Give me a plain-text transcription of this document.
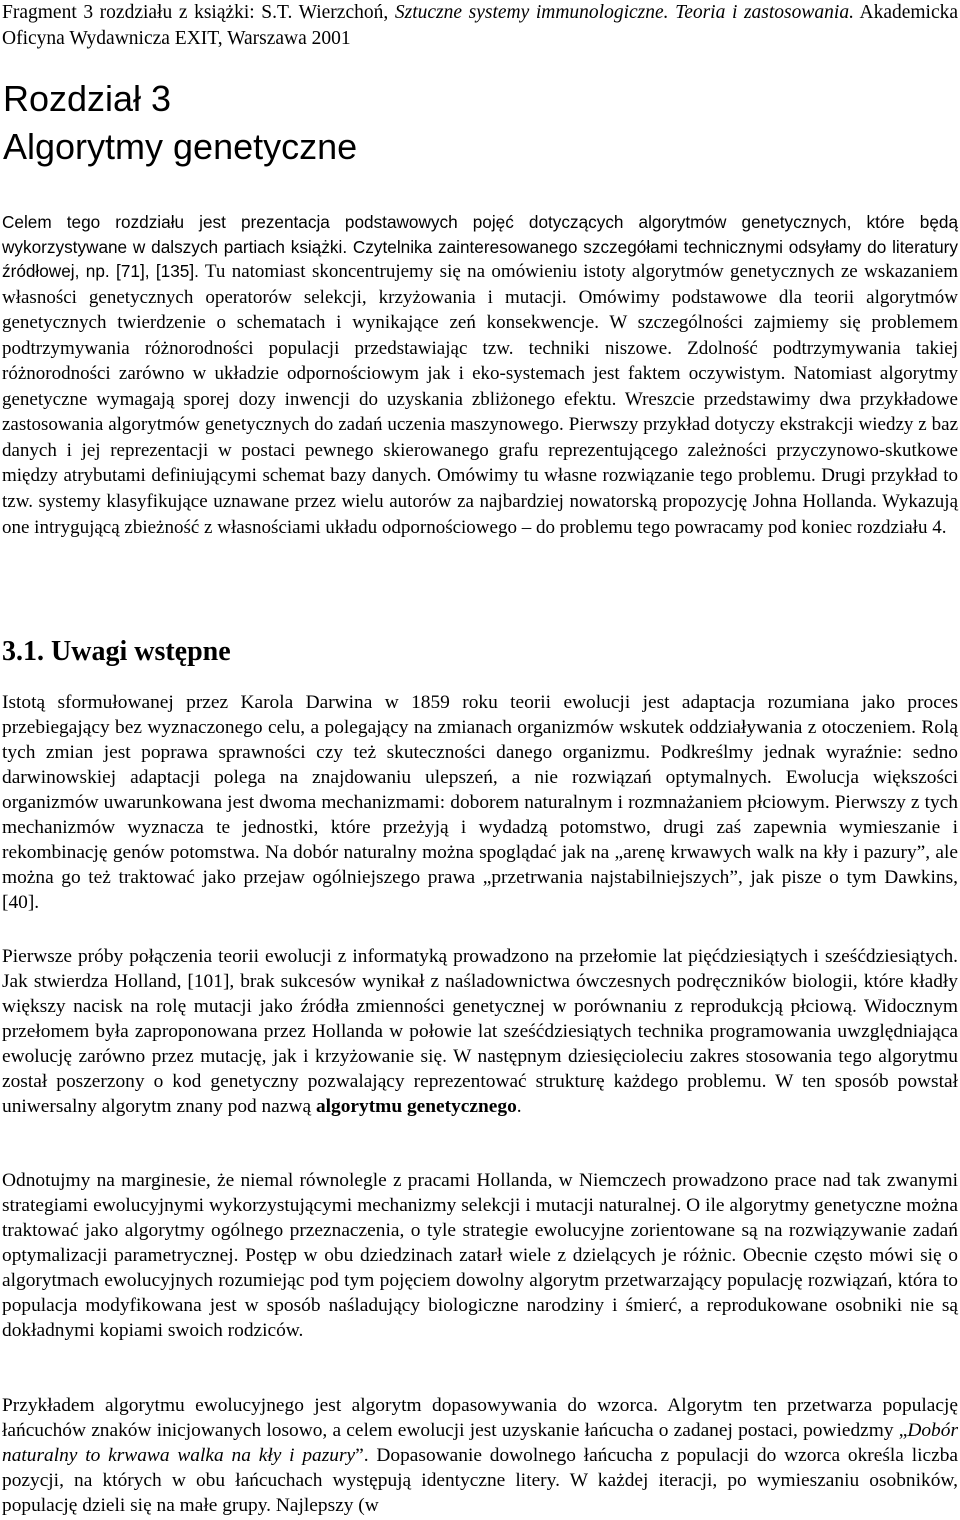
Fragment 3 rozdziału z książki: S.T. Wierzchoń, Sztuczne systemy immunologiczne. Teoria i zastosowania. Akademicka Oficyna Wydawnicza EXIT, Warszawa 2001

Rozdział 3
Algorytmy genetyczne

Celem tego rozdziału jest prezentacja podstawowych pojęć dotyczących algorytmów genetycznych, które będą wykorzystywane w dalszych partiach książki. Czytelnika zainteresowanego szczegółami technicznymi odsyłamy do literatury źródłowej, np. [71], [135]. Tu natomiast skoncentrujemy się na omówieniu istoty algorytmów genetycznych ze wskazaniem własności genetycznych operatorów selekcji, krzyżowania i mutacji. Omówimy podstawowe dla teorii algorytmów genetycznych twierdzenie o schematach i wynikające zeń konsekwencje. W szczególności zajmiemy się problemem podtrzymywania różnorodności populacji przedstawiając tzw. techniki niszowe. Zdolność podtrzymywania takiej różnorodności zarówno w układzie odpornościowym jak i eko-systemach jest faktem oczywistym. Natomiast algorytmy genetyczne wymagają sporej dozy inwencji do uzyskania zbliżonego efektu. Wreszcie przedstawimy dwa przykładowe zastosowania algorytmów genetycznych do zadań uczenia maszynowego. Pierwszy przykład dotyczy ekstrakcji wiedzy z baz danych i jej reprezentacji w postaci pewnego skierowanego grafu reprezentującego zależności przyczynowo-skutkowe między atrybutami definiującymi schemat bazy danych. Omówimy tu własne rozwiązanie tego problemu. Drugi przykład to tzw. systemy klasyfikujące uznawane przez wielu autorów za najbardziej nowatorską propozycję Johna Hollanda. Wykazują one intrygującą zbieżność z własnościami układu odpornościowego – do problemu tego powracamy pod koniec rozdziału 4.

3.1. Uwagi wstępne

Istotą sformułowanej przez Karola Darwina w 1859 roku teorii ewolucji jest adaptacja rozumiana jako proces przebiegający bez wyznaczonego celu, a polegający na zmianach organizmów wskutek oddziaływania z otoczeniem. Rolą tych zmian jest poprawa sprawności czy też skuteczności danego organizmu. Podkreślmy jednak wyraźnie: sedno darwinowskiej adaptacji polega na znajdowaniu ulepszeń, a nie rozwiązań optymalnych. Ewolucja większości organizmów uwarunkowana jest dwoma mechanizmami: doborem naturalnym i rozmnażaniem płciowym. Pierwszy z tych mechanizmów wyznacza te jednostki, które przeżyją i wydadzą potomstwo, drugi zaś zapewnia wymieszanie i rekombinację genów potomstwa. Na dobór naturalny można spoglądać jak na „arenę krwawych walk na kły i pazury”, ale można go też traktować jako przejaw ogólniejszego prawa „przetrwania najstabilniejszych”, jak pisze o tym Dawkins, [40].

Pierwsze próby połączenia teorii ewolucji z informatyką prowadzono na przełomie lat pięćdziesiątych i sześćdziesiątych. Jak stwierdza Holland, [101], brak sukcesów wynikał z naśladownictwa ówczesnych podręczników biologii, które kładły większy nacisk na rolę mutacji jako źródła zmienności genetycznej w porównaniu z reprodukcją płciową. Widocznym przełomem była zaproponowana przez Hollanda w połowie lat sześćdziesiątych technika programowania uwzględniająca ewolucję zarówno przez mutację, jak i krzyżowanie się. W następnym dziesięcioleciu zakres stosowania tego algorytmu został poszerzony o kod genetyczny pozwalający reprezentować strukturę każdego problemu. W ten sposób powstał uniwersalny algorytm znany pod nazwą algorytmu genetycznego.

Odnotujmy na marginesie, że niemal równolegle z pracami Hollanda, w Niemczech prowadzono prace nad tak zwanymi strategiami ewolucyjnymi wykorzystującymi mechanizmy selekcji i mutacji naturalnej. O ile algorytmy genetyczne można traktować jako algorytmy ogólnego przeznaczenia, o tyle strategie ewolucyjne zorientowane są na rozwiązywanie zadań optymalizacji parametrycznej. Postęp w obu dziedzinach zatarł wiele z dzielących je różnic. Obecnie często mówi się o algorytmach ewolucyjnych rozumiejąc pod tym pojęciem dowolny algorytm przetwarzający populację rozwiązań, która to populacja modyfikowana jest w sposób naśladujący biologiczne narodziny i śmierć, a reprodukowane osobniki nie są dokładnymi kopiami swoich rodziców.

Przykładem algorytmu ewolucyjnego jest algorytm dopasowywania do wzorca. Algorytm ten przetwarza populację łańcuchów znaków inicjowanych losowo, a celem ewolucji jest uzyskanie łańcucha o zadanej postaci, powiedzmy „Dobór naturalny to krwawa walka na kły i pazury”. Dopasowanie dowolnego łańcucha z populacji do wzorca określa liczba pozycji, na których w obu łańcuchach występują identyczne litery. W każdej iteracji, po wymieszaniu osobników, populację dzieli się na małe grupy. Najlepszy (w
